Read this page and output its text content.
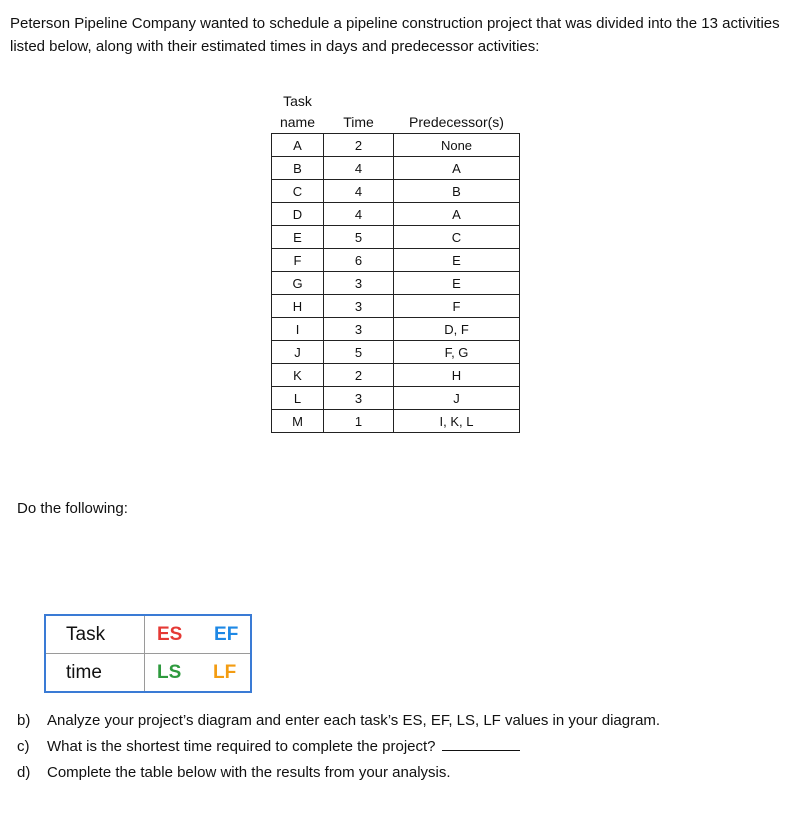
Peterson Pipeline Company wanted to schedule a pipeline construction project that was divided into the 13 activities listed below, along with their estimated times in days and predecessor activities:
Task
name	Time	Predecessor(s)
A	2	None
B	4	A
C	4	B
D	4	A
E	5	C
F	6	E
G	3	E
H	3	F
I	3	D, F
J	5	F, G
K	2	H
L	3	J
M	1	I, K, L
Do the following:
Task	ES EF
time	LS LF
b)	Analyze your project’s diagram and enter each task’s ES, EF, LS, LF values in your diagram.
c)	What is the shortest time required to complete the project?
d)	Complete the table below with the results from your analysis.
